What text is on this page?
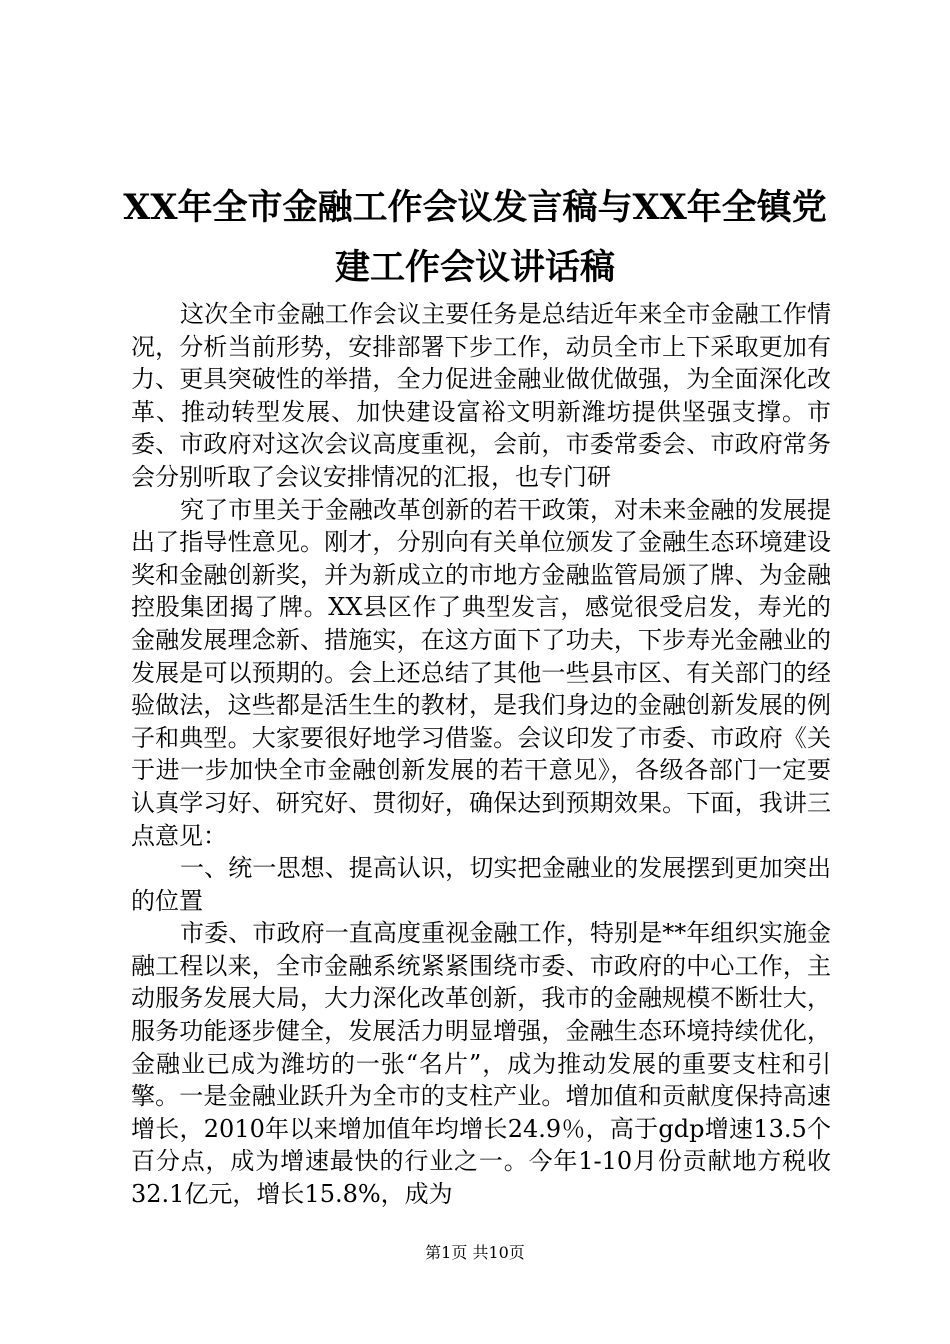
XX年全市金融工作会议发言稿与XX年全镇党建工作会议讲话稿

这次全市金融工作会议主要任务是总结近年来全市金融工作情况，分析当前形势，安排部署下步工作，动员全市上下采取更加有力、更具突破性的举措，全力促进金融业做优做强，为全面深化改革、推动转型发展、加快建设富裕文明新潍坊提供坚强支撑。市委、市政府对这次会议高度重视，会前，市委常委会、市政府常务会分别听取了会议安排情况的汇报，也专门研

究了市里关于金融改革创新的若干政策，对未来金融的发展提出了指导性意见。刚才，分别向有关单位颁发了金融生态环境建设奖和金融创新奖，并为新成立的市地方金融监管局颁了牌、为金融控股集团揭了牌。XX县区作了典型发言，感觉很受启发，寿光的金融发展理念新、措施实，在这方面下了功夫，下步寿光金融业的发展是可以预期的。会上还总结了其他一些县市区、有关部门的经验做法，这些都是活生生的教材，是我们身边的金融创新发展的例子和典型。大家要很好地学习借鉴。会议印发了市委、市政府《关于进一步加快全市金融创新发展的若干意见》，各级各部门一定要认真学习好、研究好、贯彻好，确保达到预期效果。下面，我讲三点意见：

一、统一思想、提高认识，切实把金融业的发展摆到更加突出的位置

市委、市政府一直高度重视金融工作，特别是**年组织实施金融工程以来，全市金融系统紧紧围绕市委、市政府的中心工作，主动服务发展大局，大力深化改革创新，我市的金融规模不断壮大，服务功能逐步健全，发展活力明显增强，金融生态环境持续优化，金融业已成为潍坊的一张“名片”，成为推动发展的重要支柱和引擎。一是金融业跃升为全市的支柱产业。增加值和贡献度保持高速增长，2010年以来增加值年均增长24.9％，高于gdp增速13.5个百分点，成为增速最快的行业之一。今年1-10月份贡献地方税收32.1亿元，增长15.8%，成为

第1页 共10页
